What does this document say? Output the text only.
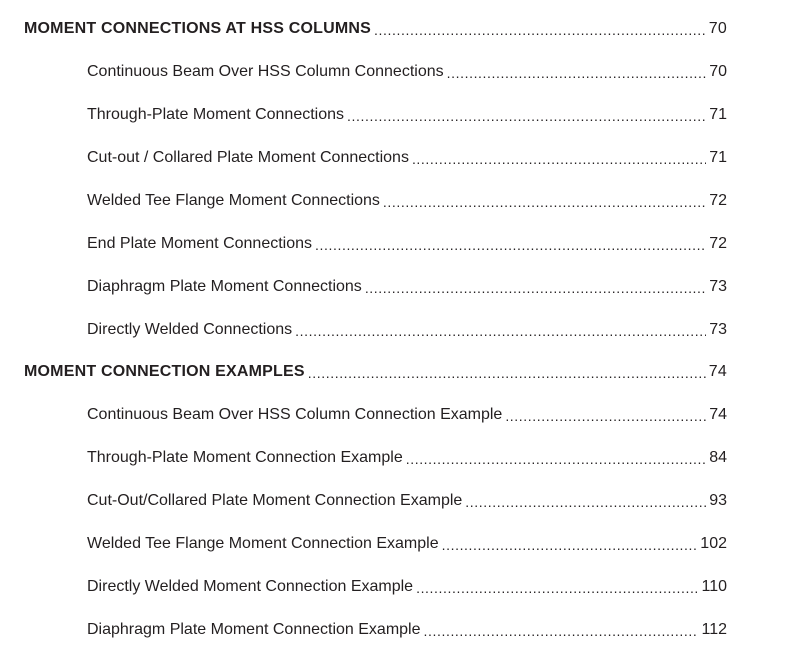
MOMENT CONNECTIONS AT HSS COLUMNS .....	70
Continuous Beam Over HSS Column Connections .....	70
Through-Plate Moment Connections .....	71
Cut-out / Collared Plate Moment Connections .....	71
Welded Tee Flange Moment Connections .....	72
End Plate Moment Connections .....	72
Diaphragm Plate Moment Connections .....	73
Directly Welded Connections .....	73
MOMENT CONNECTION EXAMPLES .....	74
Continuous Beam Over HSS Column Connection Example .....	74
Through-Plate Moment Connection Example .....	84
Cut-Out/Collared Plate Moment Connection Example .....	93
Welded Tee Flange Moment Connection Example .....	102
Directly Welded Moment Connection Example .....	110
Diaphragm Plate Moment Connection Example .....	112
